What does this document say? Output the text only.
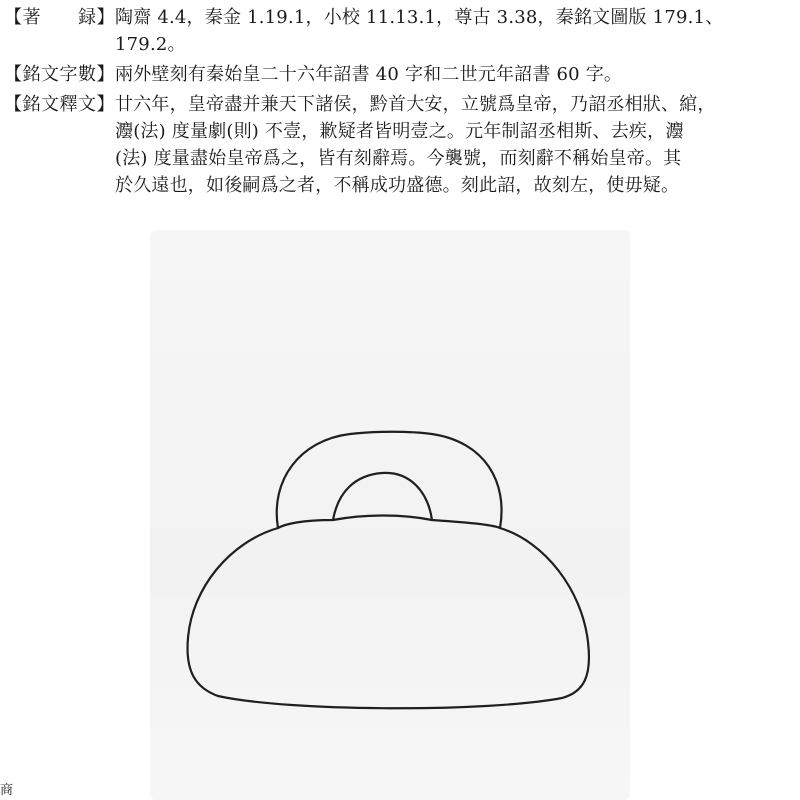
【著　　録】 陶齋 4.4，秦金 1.19.1，小校 11.13.1，尊古 3.38，秦銘文圖版 179.1、
179.2。
【銘文字數】 兩外壁刻有秦始皇二十六年詔書 40 字和二世元年詔書 60 字。
【銘文釋文】 廿六年，皇帝盡并兼天下諸侯，黔首大安，立號爲皇帝，乃詔丞相狀、綰，
灋(法) 度量劇(則) 不壹，歉疑者皆明壹之。元年制詔丞相斯、去疾，灋
(法) 度量盡始皇帝爲之，皆有刻辭焉。今襲號，而刻辭不稱始皇帝。其
於久遠也，如後嗣爲之者，不稱成功盛德。刻此詔，故刻左，使毋疑。
商
